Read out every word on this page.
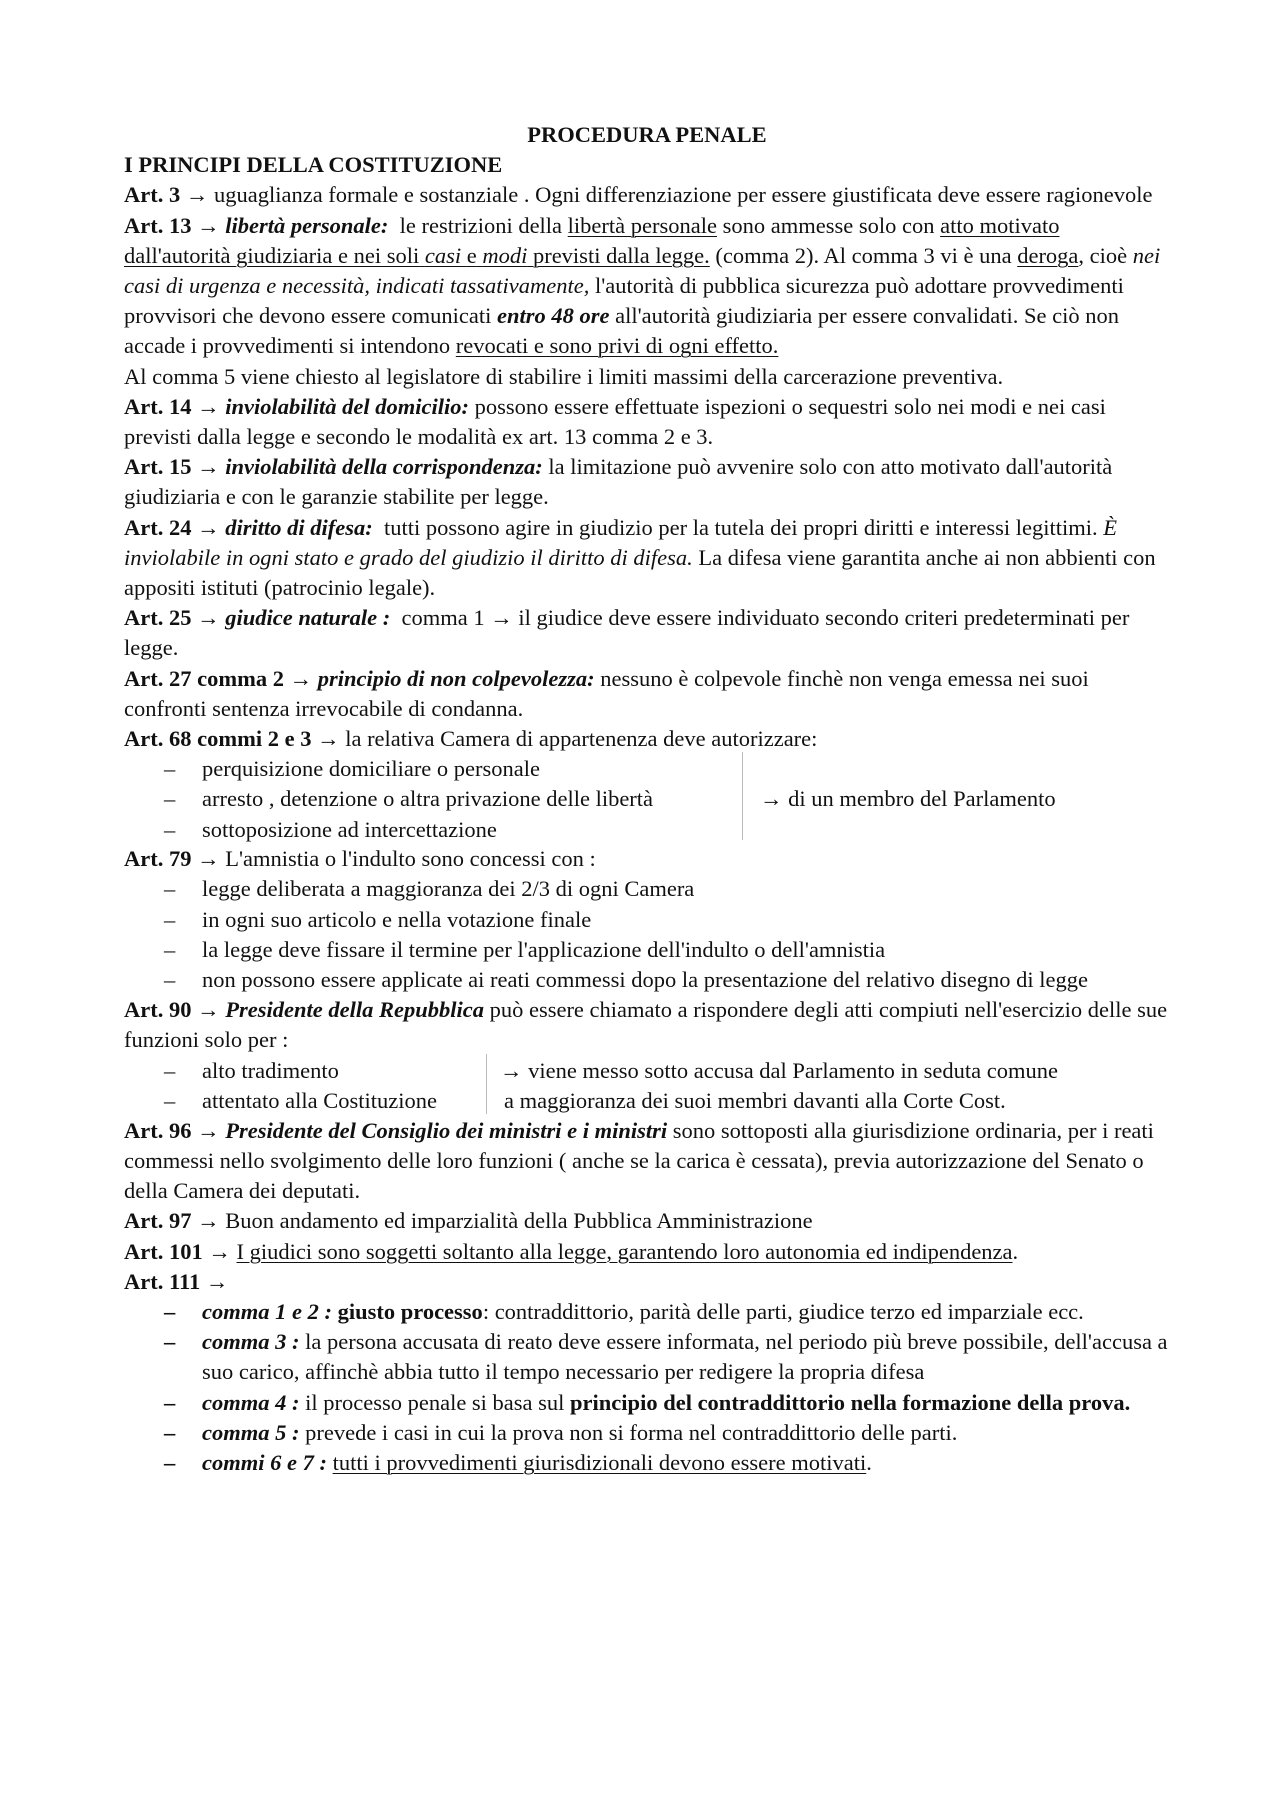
PROCEDURA PENALE

I PRINCIPI DELLA COSTITUZIONE

Art. 3 → uguaglianza formale e sostanziale . Ogni differenziazione per essere giustificata deve essere ragionevole

Art. 13 → libertà personale: le restrizioni della libertà personale sono ammesse solo con atto motivato dall'autorità giudiziaria e nei soli casi e modi previsti dalla legge. (comma 2). Al comma 3 vi è una deroga, cioè nei casi di urgenza e necessità, indicati tassativamente, l'autorità di pubblica sicurezza può adottare provvedimenti provvisori che devono essere comunicati entro 48 ore all'autorità giudiziaria per essere convalidati. Se ciò non accade i provvedimenti si intendono revocati e sono privi di ogni effetto.

Al comma 5 viene chiesto al legislatore di stabilire i limiti massimi della carcerazione preventiva.

Art. 14 → inviolabilità del domicilio: possono essere effettuate ispezioni o sequestri solo nei modi e nei casi previsti dalla legge e secondo le modalità ex art. 13 comma 2 e 3.

Art. 15 → inviolabilità della corrispondenza: la limitazione può avvenire solo con atto motivato dall'autorità giudiziaria e con le garanzie stabilite per legge.

Art. 24 → diritto di difesa: tutti possono agire in giudizio per la tutela dei propri diritti e interessi legittimi. È inviolabile in ogni stato e grado del giudizio il diritto di difesa. La difesa viene garantita anche ai non abbienti con appositi istituti (patrocinio legale).

Art. 25 → giudice naturale : comma 1 → il giudice deve essere individuato secondo criteri predeterminati per legge.

Art. 27 comma 2 → principio di non colpevolezza: nessuno è colpevole finchè non venga emessa nei suoi confronti sentenza irrevocabile di condanna.

Art. 68 commi 2 e 3 → la relativa Camera di appartenenza deve autorizzare:

– perquisizione domiciliare o personale
– arresto , detenzione o altra privazione delle libertà
– sottoposizione ad intercettazione
→ di un membro del Parlamento

Art. 79 → L'amnistia o l'indulto sono concessi con :

– legge deliberata a maggioranza dei 2/3 di ogni Camera
– in ogni suo articolo e nella votazione finale
– la legge deve fissare il termine per l'applicazione dell'indulto o dell'amnistia
– non possono essere applicate ai reati commessi dopo la presentazione del relativo disegno di legge

Art. 90 → Presidente della Repubblica può essere chiamato a rispondere degli atti compiuti nell'esercizio delle sue funzioni solo per :

– alto tradimento
– attentato alla Costituzione
→ viene messo sotto accusa dal Parlamento in seduta comune
a maggioranza dei suoi membri davanti alla Corte Cost.

Art. 96 → Presidente del Consiglio dei ministri e i ministri sono sottoposti alla giurisdizione ordinaria, per i reati commessi nello svolgimento delle loro funzioni ( anche se la carica è cessata), previa autorizzazione del Senato o della Camera dei deputati.

Art. 97 → Buon andamento ed imparzialità della Pubblica Amministrazione

Art. 101 → I giudici sono soggetti soltanto alla legge, garantendo loro autonomia ed indipendenza.

Art. 111 →

– comma 1 e 2 : giusto processo: contraddittorio, parità delle parti, giudice terzo ed imparziale ecc.
– comma 3 : la persona accusata di reato deve essere informata, nel periodo più breve possibile, dell'accusa a suo carico, affinchè abbia tutto il tempo necessario per redigere la propria difesa
– comma 4 : il processo penale si basa sul principio del contraddittorio nella formazione della prova.
– comma 5 : prevede i casi in cui la prova non si forma nel contraddittorio delle parti.
– commi 6 e 7 : tutti i provvedimenti giurisdizionali devono essere motivati.
